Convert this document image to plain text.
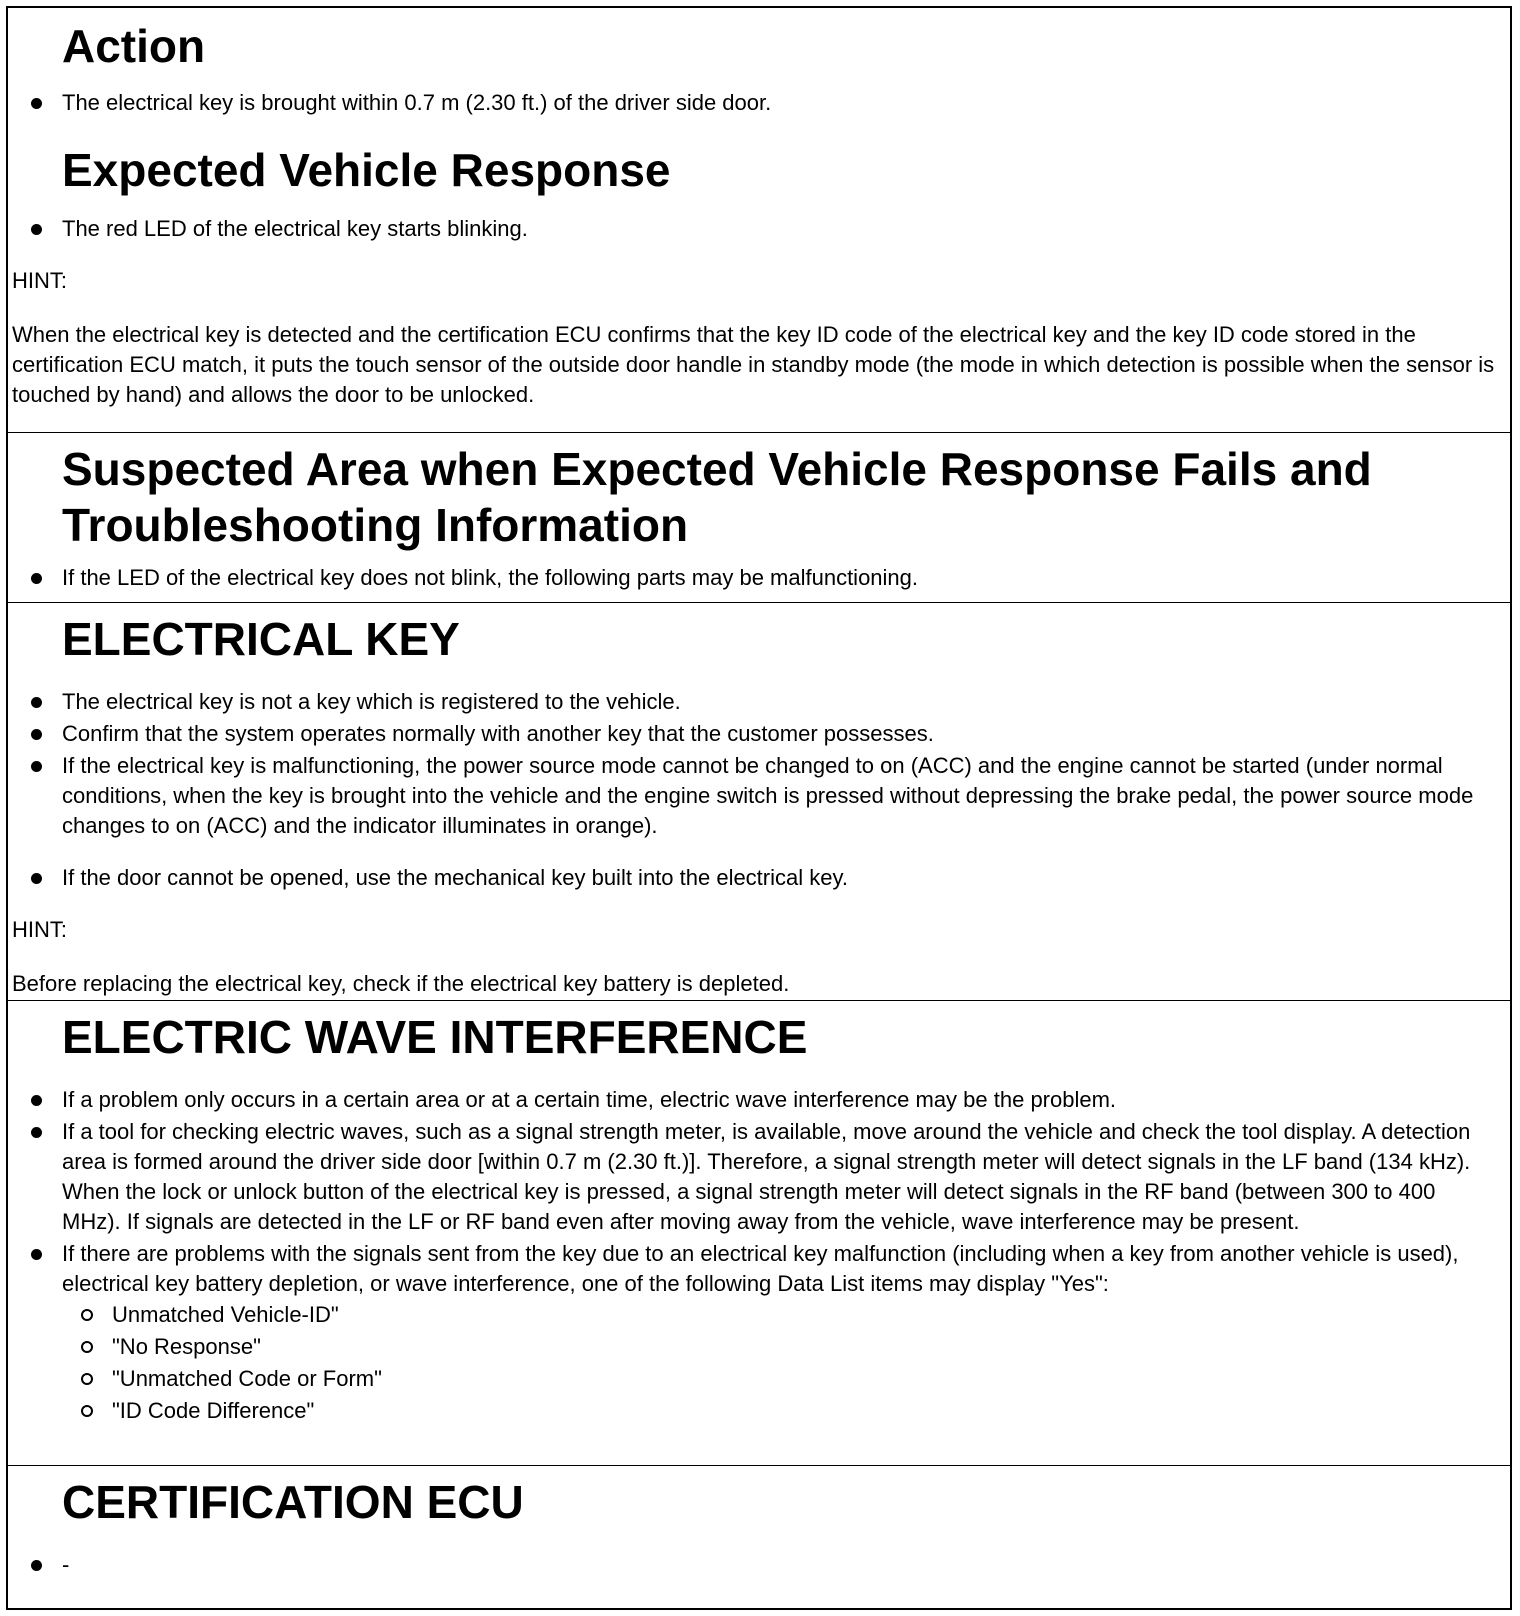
Action
The electrical key is brought within 0.7 m (2.30 ft.) of the driver side door.
Expected Vehicle Response
The red LED of the electrical key starts blinking.

HINT:

When the electrical key is detected and the certification ECU confirms that the key ID code of the electrical key and the key ID code stored in the certification ECU match, it puts the touch sensor of the outside door handle in standby mode (the mode in which detection is possible when the sensor is touched by hand) and allows the door to be unlocked.

Suspected Area when Expected Vehicle Response Fails and Troubleshooting Information
If the LED of the electrical key does not blink, the following parts may be malfunctioning.
ELECTRICAL KEY
The electrical key is not a key which is registered to the vehicle.
Confirm that the system operates normally with another key that the customer possesses.
If the electrical key is malfunctioning, the power source mode cannot be changed to on (ACC) and the engine cannot be started (under normal conditions, when the key is brought into the vehicle and the engine switch is pressed without depressing the brake pedal, the power source mode changes to on (ACC) and the indicator illuminates in orange).
If the door cannot be opened, use the mechanical key built into the electrical key.

HINT:

Before replacing the electrical key, check if the electrical key battery is depleted.

ELECTRIC WAVE INTERFERENCE
If a problem only occurs in a certain area or at a certain time, electric wave interference may be the problem.
If a tool for checking electric waves, such as a signal strength meter, is available, move around the vehicle and check the tool display. A detection area is formed around the driver side door [within 0.7 m (2.30 ft.)]. Therefore, a signal strength meter will detect signals in the LF band (134 kHz). When the lock or unlock button of the electrical key is pressed, a signal strength meter will detect signals in the RF band (between 300 to 400 MHz). If signals are detected in the LF or RF band even after moving away from the vehicle, wave interference may be present.
If there are problems with the signals sent from the key due to an electrical key malfunction (including when a key from another vehicle is used), electrical key battery depletion, or wave interference, one of the following Data List items may display "Yes":
Unmatched Vehicle-ID"
"No Response"
"Unmatched Code or Form"
"ID Code Difference"
CERTIFICATION ECU
-
